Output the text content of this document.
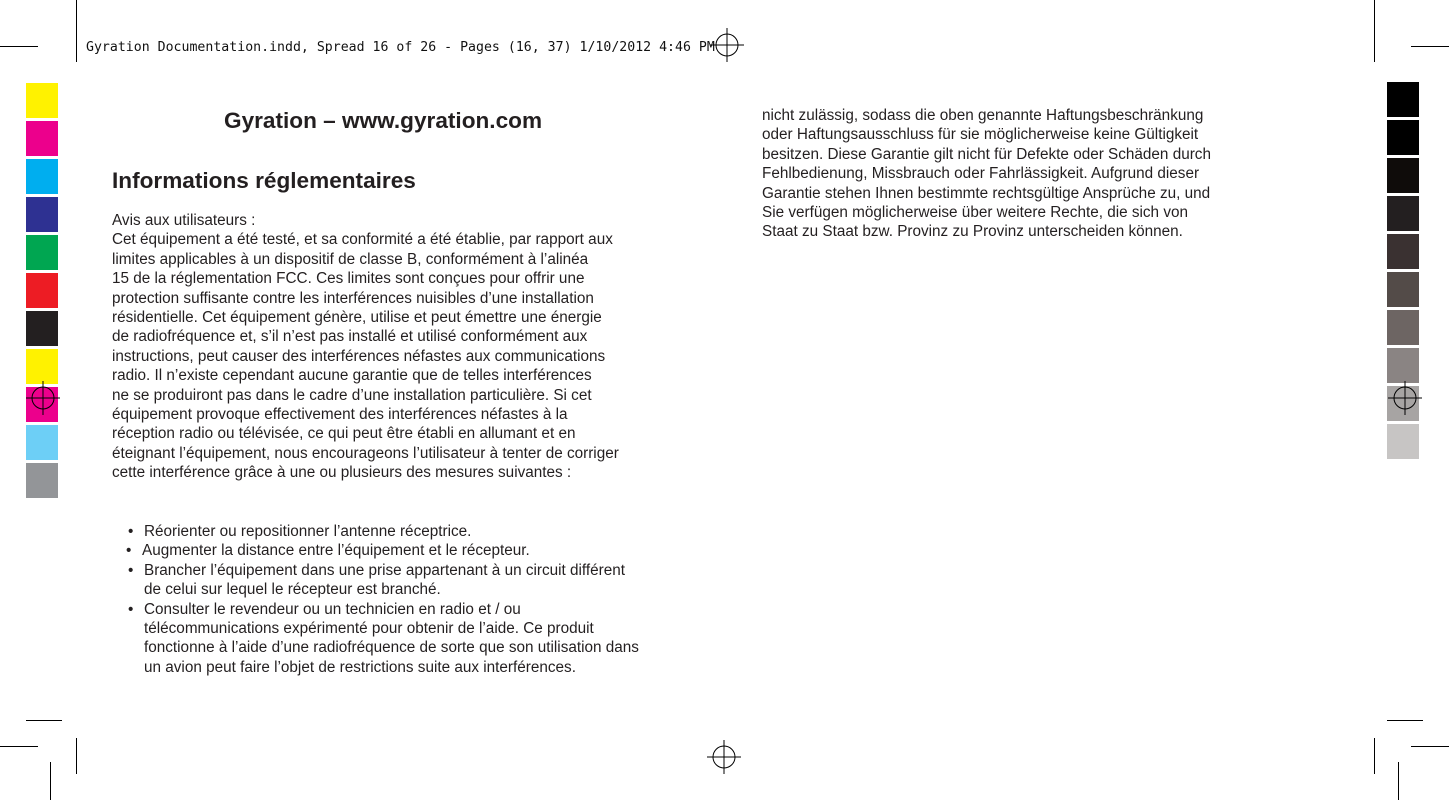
Gyration Documentation.indd, Spread 16 of 26 - Pages (16, 37) 1/10/2012 4:46 PM
Gyration – www.gyration.com
Informations réglementaires

Avis aux utilisateurs :

Cet équipement a été testé, et sa conformité a été établie, par rapport aux
limites applicables à un dispositif de classe B, conformément à l’alinéa
15 de la réglementation FCC. Ces limites sont conçues pour offrir une
protection suffisante contre les interférences nuisibles d’une installation
résidentielle. Cet équipement génère, utilise et peut émettre une énergie
de radiofréquence et, s’il n’est pas installé et utilisé conformément aux
instructions, peut causer des interférences néfastes aux communications
radio. Il n’existe cependant aucune garantie que de telles interférences
ne se produiront pas dans le cadre d’une installation particulière. Si cet
équipement provoque effectivement des interférences néfastes à la
réception radio ou télévisée, ce qui peut être établi en allumant et en
éteignant l’équipement, nous encourageons l’utilisateur à tenter de corriger
cette interférence grâce à une ou plusieurs des mesures suivantes :

• Réorienter ou repositionner l’antenne réceptrice.
• Augmenter la distance entre l’équipement et le récepteur.
• Brancher l’équipement dans une prise appartenant à un circuit différent
de celui sur lequel le récepteur est branché.
• Consulter le revendeur ou un technicien en radio et / ou
télécommunications expérimenté pour obtenir de l’aide. Ce produit
fonctionne à l’aide d’une radiofréquence de sorte que son utilisation dans
un avion peut faire l’objet de restrictions suite aux interférences.
nicht zulässig, sodass die oben genannte Haftungsbeschränkung
oder Haftungsausschluss für sie möglicherweise keine Gültigkeit
besitzen. Diese Garantie gilt nicht für Defekte oder Schäden durch
Fehlbedienung, Missbrauch oder Fahrlässigkeit. Aufgrund dieser
Garantie stehen Ihnen bestimmte rechtsgültige Ansprüche zu, und
Sie verfügen möglicherweise über weitere Rechte, die sich von
Staat zu Staat bzw. Provinz zu Provinz unterscheiden können.
